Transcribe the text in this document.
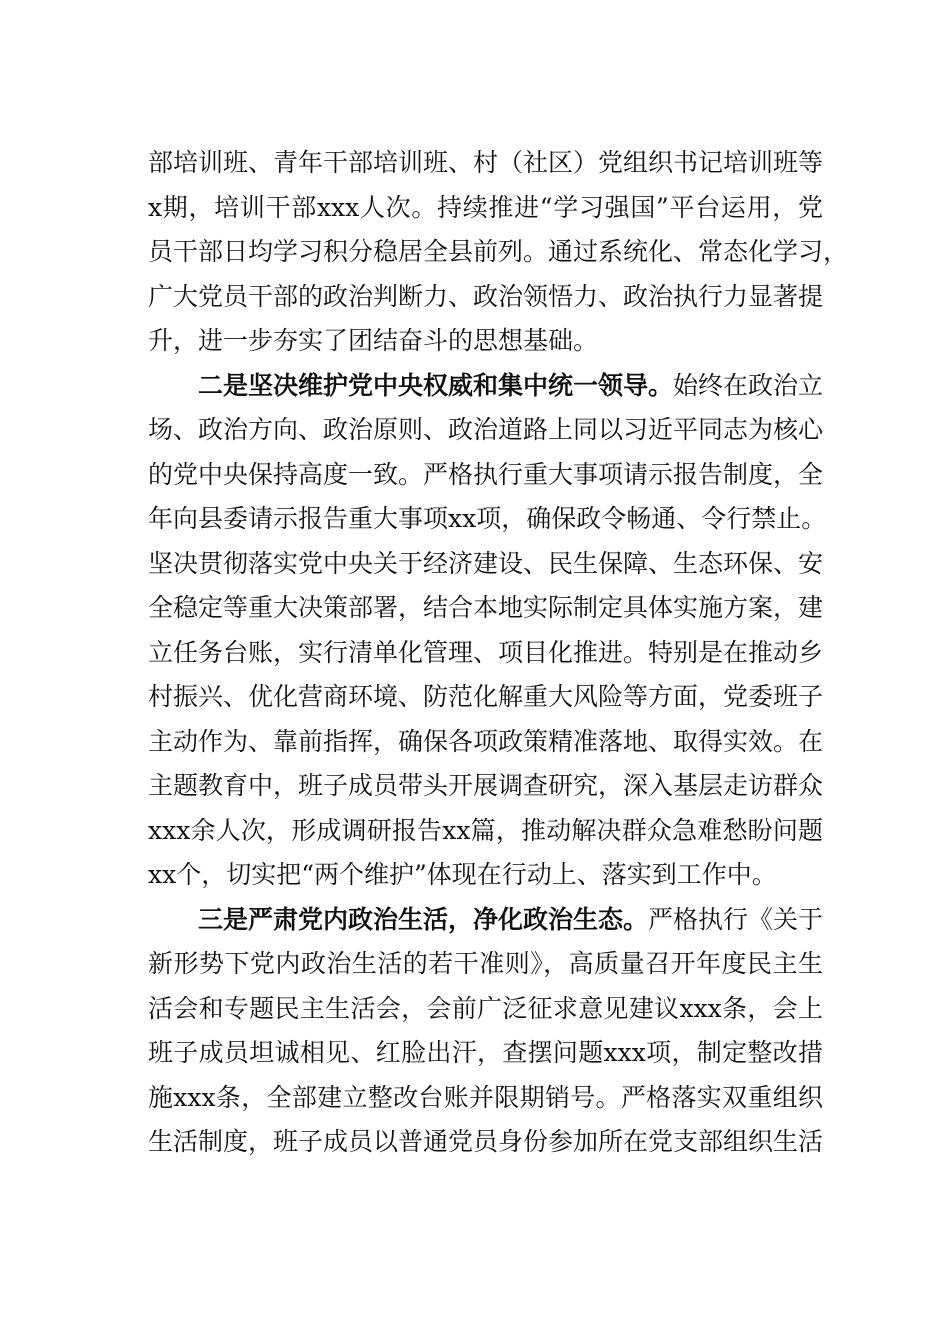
部培训班、青年干部培训班、村（社区）党组织书记培训班等
x期，培训干部xxx人次。持续推进“学习强国”平台运用，党
员干部日均学习积分稳居全县前列。通过系统化、常态化学习，
广大党员干部的政治判断力、政治领悟力、政治执行力显著提
升，进一步夯实了团结奋斗的思想基础。
二是坚决维护党中央权威和集中统一领导。始终在政治立
场、政治方向、政治原则、政治道路上同以习近平同志为核心
的党中央保持高度一致。严格执行重大事项请示报告制度，全
年向县委请示报告重大事项xx项，确保政令畅通、令行禁止。
坚决贯彻落实党中央关于经济建设、民生保障、生态环保、安
全稳定等重大决策部署，结合本地实际制定具体实施方案，建
立任务台账，实行清单化管理、项目化推进。特别是在推动乡
村振兴、优化营商环境、防范化解重大风险等方面，党委班子
主动作为、靠前指挥，确保各项政策精准落地、取得实效。在
主题教育中，班子成员带头开展调查研究，深入基层走访群众
xxx余人次，形成调研报告xx篇，推动解决群众急难愁盼问题
xx个，切实把“两个维护”体现在行动上、落实到工作中。
三是严肃党内政治生活，净化政治生态。严格执行《关于
新形势下党内政治生活的若干准则》，高质量召开年度民主生
活会和专题民主生活会，会前广泛征求意见建议xxx条，会上
班子成员坦诚相见、红脸出汗，查摆问题xxx项，制定整改措
施xxx条，全部建立整改台账并限期销号。严格落实双重组织
生活制度，班子成员以普通党员身份参加所在党支部组织生活
